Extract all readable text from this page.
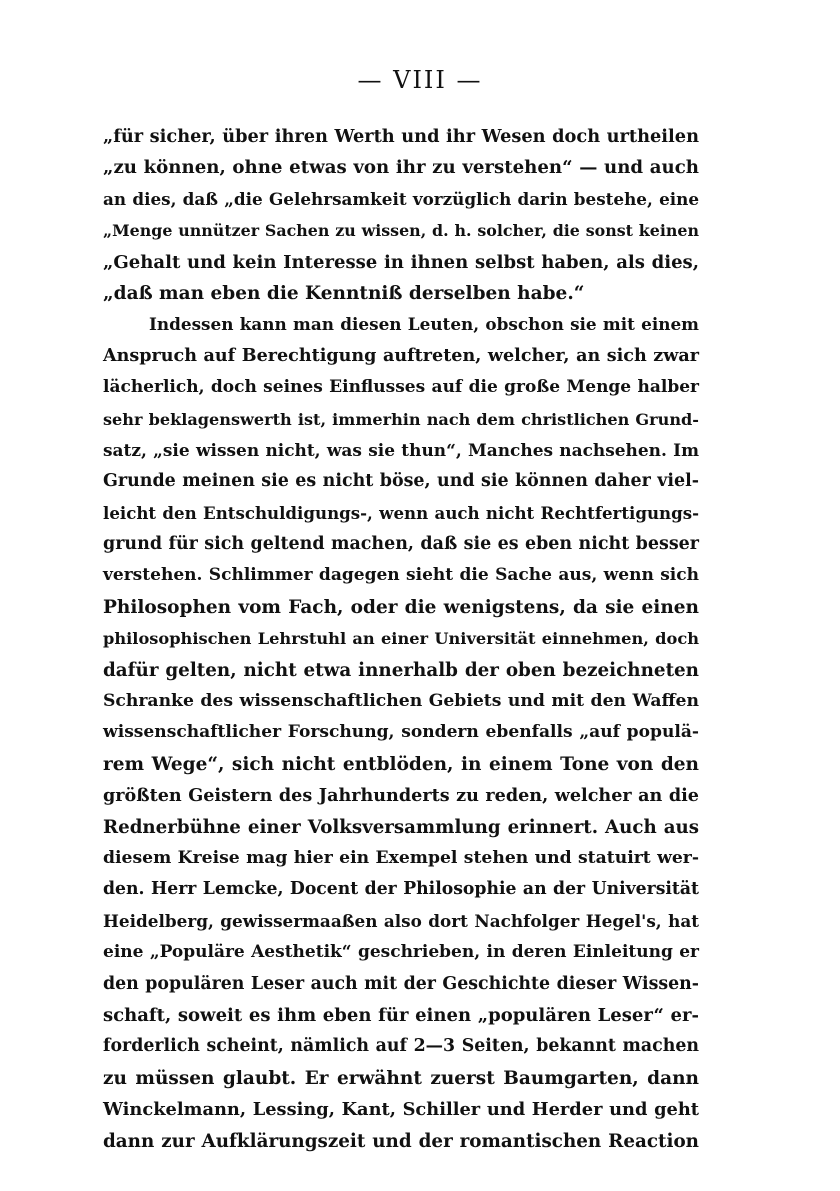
— VIII —
„für sicher, über ihren Werth und ihr Wesen doch urtheilen
„zu können, ohne etwas von ihr zu verstehen“ — und auch
an dies, daß „die Gelehrsamkeit vorzüglich darin bestehe, eine
„Menge unnützer Sachen zu wissen, d. h. solcher, die sonst keinen
„Gehalt und kein Interesse in ihnen selbst haben, als dies,
„daß man eben die Kenntniß derselben habe.“
Indessen kann man diesen Leuten, obschon sie mit einem
Anspruch auf Berechtigung auftreten, welcher, an sich zwar
lächerlich, doch seines Einflusses auf die große Menge halber
sehr beklagenswerth ist, immerhin nach dem christlichen Grund-
satz, „sie wissen nicht, was sie thun“, Manches nachsehen. Im
Grunde meinen sie es nicht böse, und sie können daher viel-
leicht den Entschuldigungs-, wenn auch nicht Rechtfertigungs-
grund für sich geltend machen, daß sie es eben nicht besser
verstehen. Schlimmer dagegen sieht die Sache aus, wenn sich
Philosophen vom Fach, oder die wenigstens, da sie einen
philosophischen Lehrstuhl an einer Universität einnehmen, doch
dafür gelten, nicht etwa innerhalb der oben bezeichneten
Schranke des wissenschaftlichen Gebiets und mit den Waffen
wissenschaftlicher Forschung, sondern ebenfalls „auf populä-
rem Wege“, sich nicht entblöden, in einem Tone von den
größten Geistern des Jahrhunderts zu reden, welcher an die
Rednerbühne einer Volksversammlung erinnert. Auch aus
diesem Kreise mag hier ein Exempel stehen und statuirt wer-
den. Herr Lemcke, Docent der Philosophie an der Universität
Heidelberg, gewissermaaßen also dort Nachfolger Hegel's, hat
eine „Populäre Aesthetik“ geschrieben, in deren Einleitung er
den populären Leser auch mit der Geschichte dieser Wissen-
schaft, soweit es ihm eben für einen „populären Leser“ er-
forderlich scheint, nämlich auf 2—3 Seiten, bekannt machen
zu müssen glaubt. Er erwähnt zuerst Baumgarten, dann
Winckelmann, Lessing, Kant, Schiller und Herder und geht
dann zur Aufklärungszeit und der romantischen Reaction
